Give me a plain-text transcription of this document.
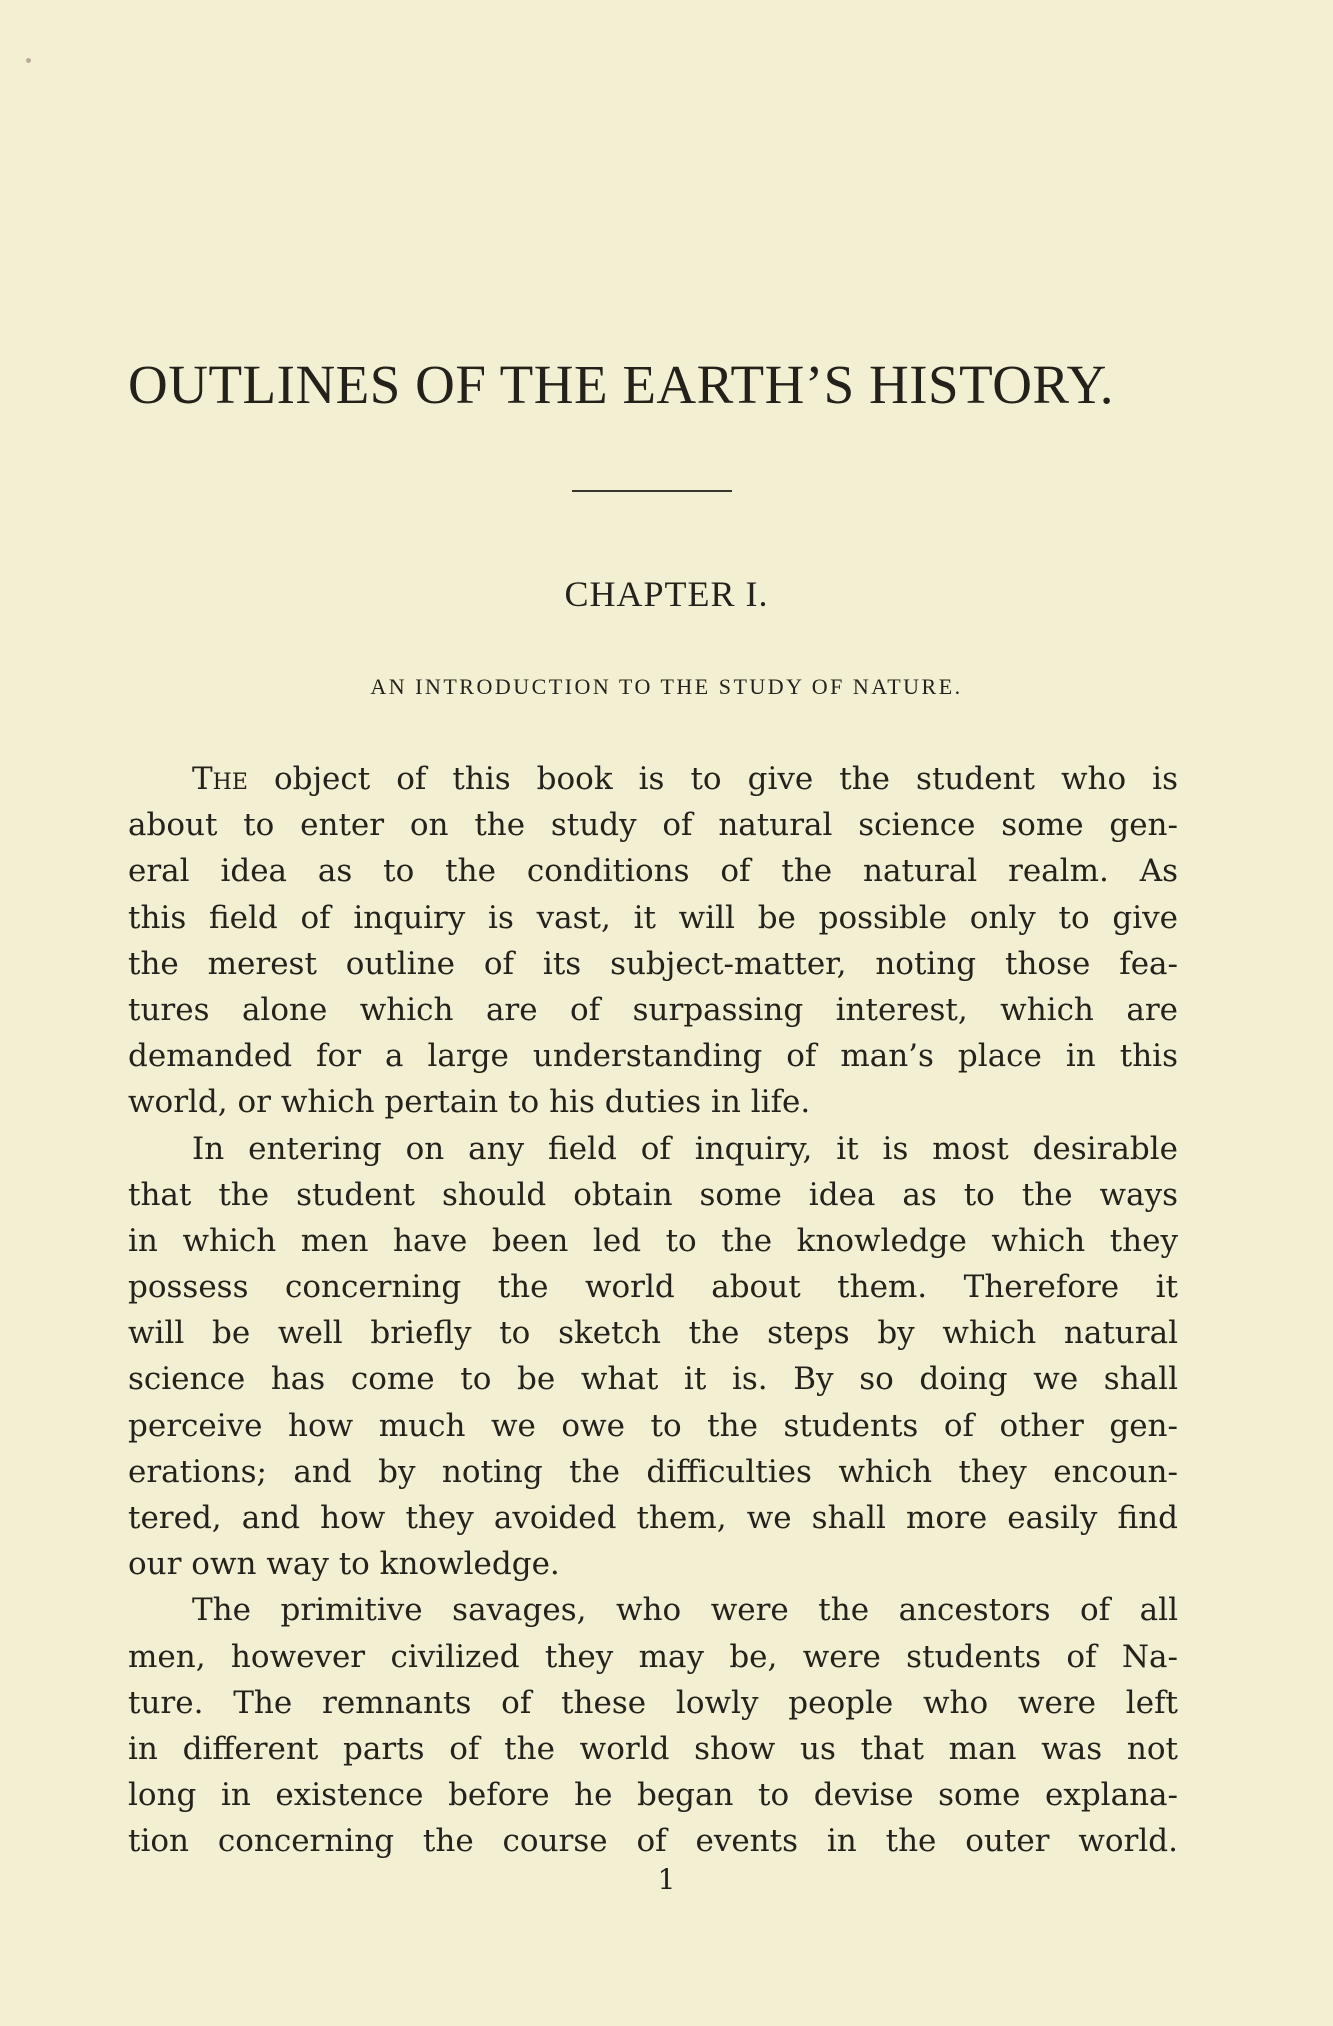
OUTLINES OF THE EARTH’S HISTORY.
CHAPTER I.
AN INTRODUCTION TO THE STUDY OF NATURE.
The object of this book is to give the student who is
about to enter on the study of natural science some gen-
eral idea as to the conditions of the natural realm. As
this field of inquiry is vast, it will be possible only to give
the merest outline of its subject-matter, noting those fea-
tures alone which are of surpassing interest, which are
demanded for a large understanding of man’s place in this
world, or which pertain to his duties in life.
In entering on any field of inquiry, it is most desirable
that the student should obtain some idea as to the ways
in which men have been led to the knowledge which they
possess concerning the world about them. Therefore it
will be well briefly to sketch the steps by which natural
science has come to be what it is. By so doing we shall
perceive how much we owe to the students of other gen-
erations; and by noting the difficulties which they encoun-
tered, and how they avoided them, we shall more easily find
our own way to knowledge.
The primitive savages, who were the ancestors of all
men, however civilized they may be, were students of Na-
ture. The remnants of these lowly people who were left
in different parts of the world show us that man was not
long in existence before he began to devise some explana-
tion concerning the course of events in the outer world.
1
